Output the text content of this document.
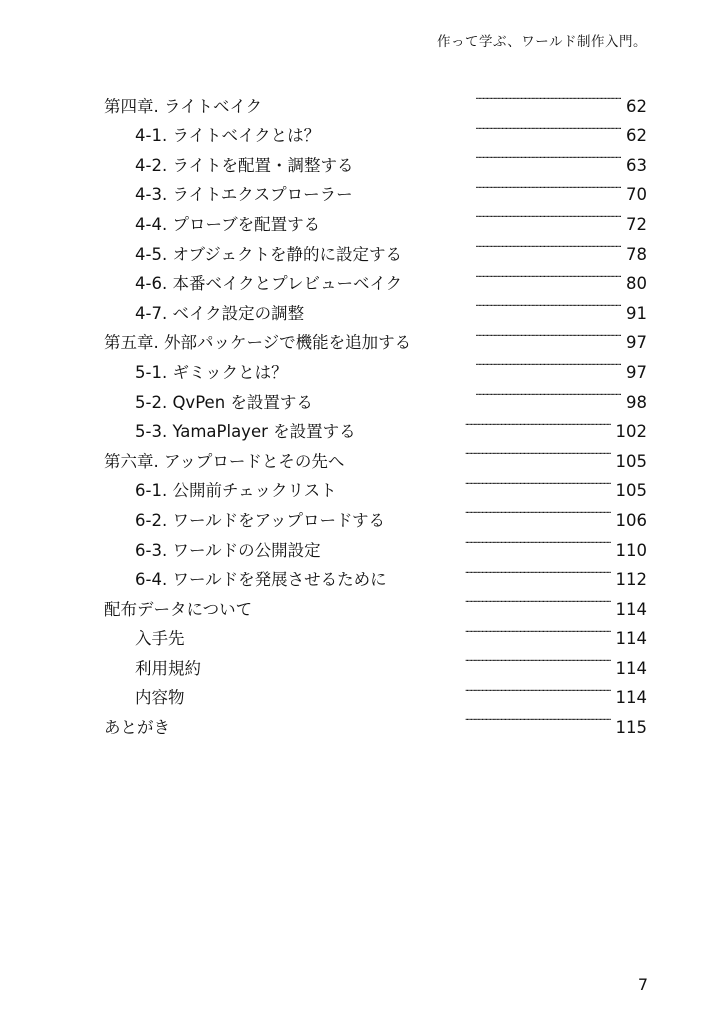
作って学ぶ、ワールド制作入門。
第四章. ライトベイク . . .	62
4-1. ライトベイクとは？ . . .	62
4-2. ライトを配置・調整する . . .	63
4-3. ライトエクスプローラー . . .	70
4-4. プローブを配置する . . .	72
4-5. オブジェクトを静的に設定する . . .	78
4-6. 本番ベイクとプレビューベイク . . .	80
4-7. ベイク設定の調整 . . .	91
第五章. 外部パッケージで機能を追加する . . .	97
5-1. ギミックとは？ . . .	97
5-2. QvPen を設置する . . .	98
5-3. YamaPlayer を設置する . . .	102
第六章. アップロードとその先へ . . .	105
6-1. 公開前チェックリスト . . .	105
6-2. ワールドをアップロードする . . .	106
6-3. ワールドの公開設定 . . .	110
6-4. ワールドを発展させるために . . .	112
配布データについて . . .	114
入手先 . . .	114
利用規約 . . .	114
内容物 . . .	114
あとがき . . .	115
7
